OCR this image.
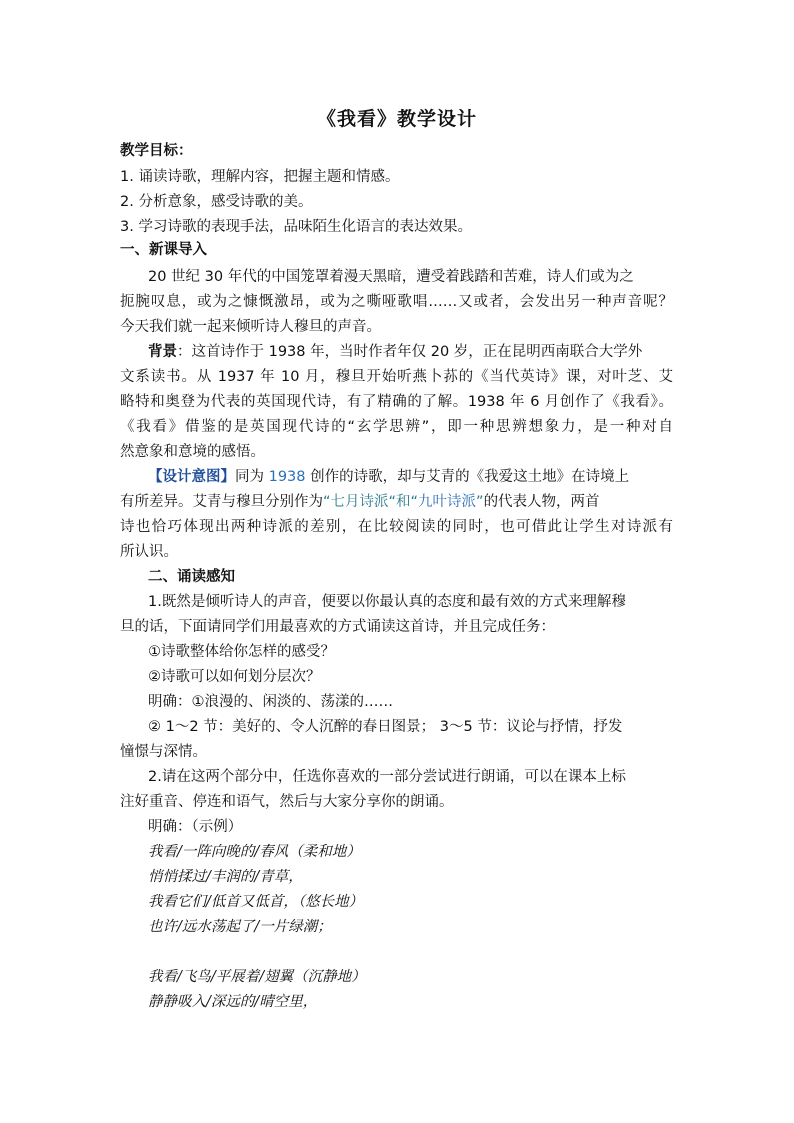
《我看》教学设计
教学目标：
1. 诵读诗歌，理解内容，把握主题和情感。
2. 分析意象，感受诗歌的美。
3. 学习诗歌的表现手法，品味陌生化语言的表达效果。
一、新课导入
20 世纪 30 年代的中国笼罩着漫天黑暗，遭受着践踏和苦难，诗人们或为之
扼腕叹息，或为之慷慨激昂，或为之嘶哑歌唱……又或者，会发出另一种声音呢？
今天我们就一起来倾听诗人穆旦的声音。
背景：这首诗作于 1938 年，当时作者年仅 20 岁，正在昆明西南联合大学外
文系读书。从 1937 年 10 月，穆旦开始听燕卜荪的《当代英诗》课，对叶芝、艾
略特和奥登为代表的英国现代诗，有了精确的了解。1938 年 6 月创作了《我看》。
《我看》借鉴的是英国现代诗的“玄学思辨”，即一种思辨想象力，是一种对自
然意象和意境的感悟。
【设计意图】同为 1938 创作的诗歌，却与艾青的《我爱这土地》在诗境上
有所差异。艾青与穆旦分别作为“七月诗派“和“九叶诗派”的代表人物，两首
诗也恰巧体现出两种诗派的差别，在比较阅读的同时，也可借此让学生对诗派有
所认识。
二、诵读感知
1.既然是倾听诗人的声音，便要以你最认真的态度和最有效的方式来理解穆
旦的话，下面请同学们用最喜欢的方式诵读这首诗，并且完成任务：
①诗歌整体给你怎样的感受？
②诗歌可以如何划分层次？
明确：①浪漫的、闲淡的、荡漾的……
② 1～2 节：美好的、令人沉醉的春日图景； 3～5 节：议论与抒情，抒发
憧憬与深情。
2.请在这两个部分中，任选你喜欢的一部分尝试进行朗诵，可以在课本上标
注好重音、停连和语气，然后与大家分享你的朗诵。
明确：（示例）
我看/一阵向晚的/春风（柔和地）
悄悄揉过/丰润的/青草，
我看它们/低首又低首，（悠长地）
也许/远水荡起了/一片绿潮；
我看/飞鸟/平展着/翅翼（沉静地）
静静吸入/深远的/晴空里，
